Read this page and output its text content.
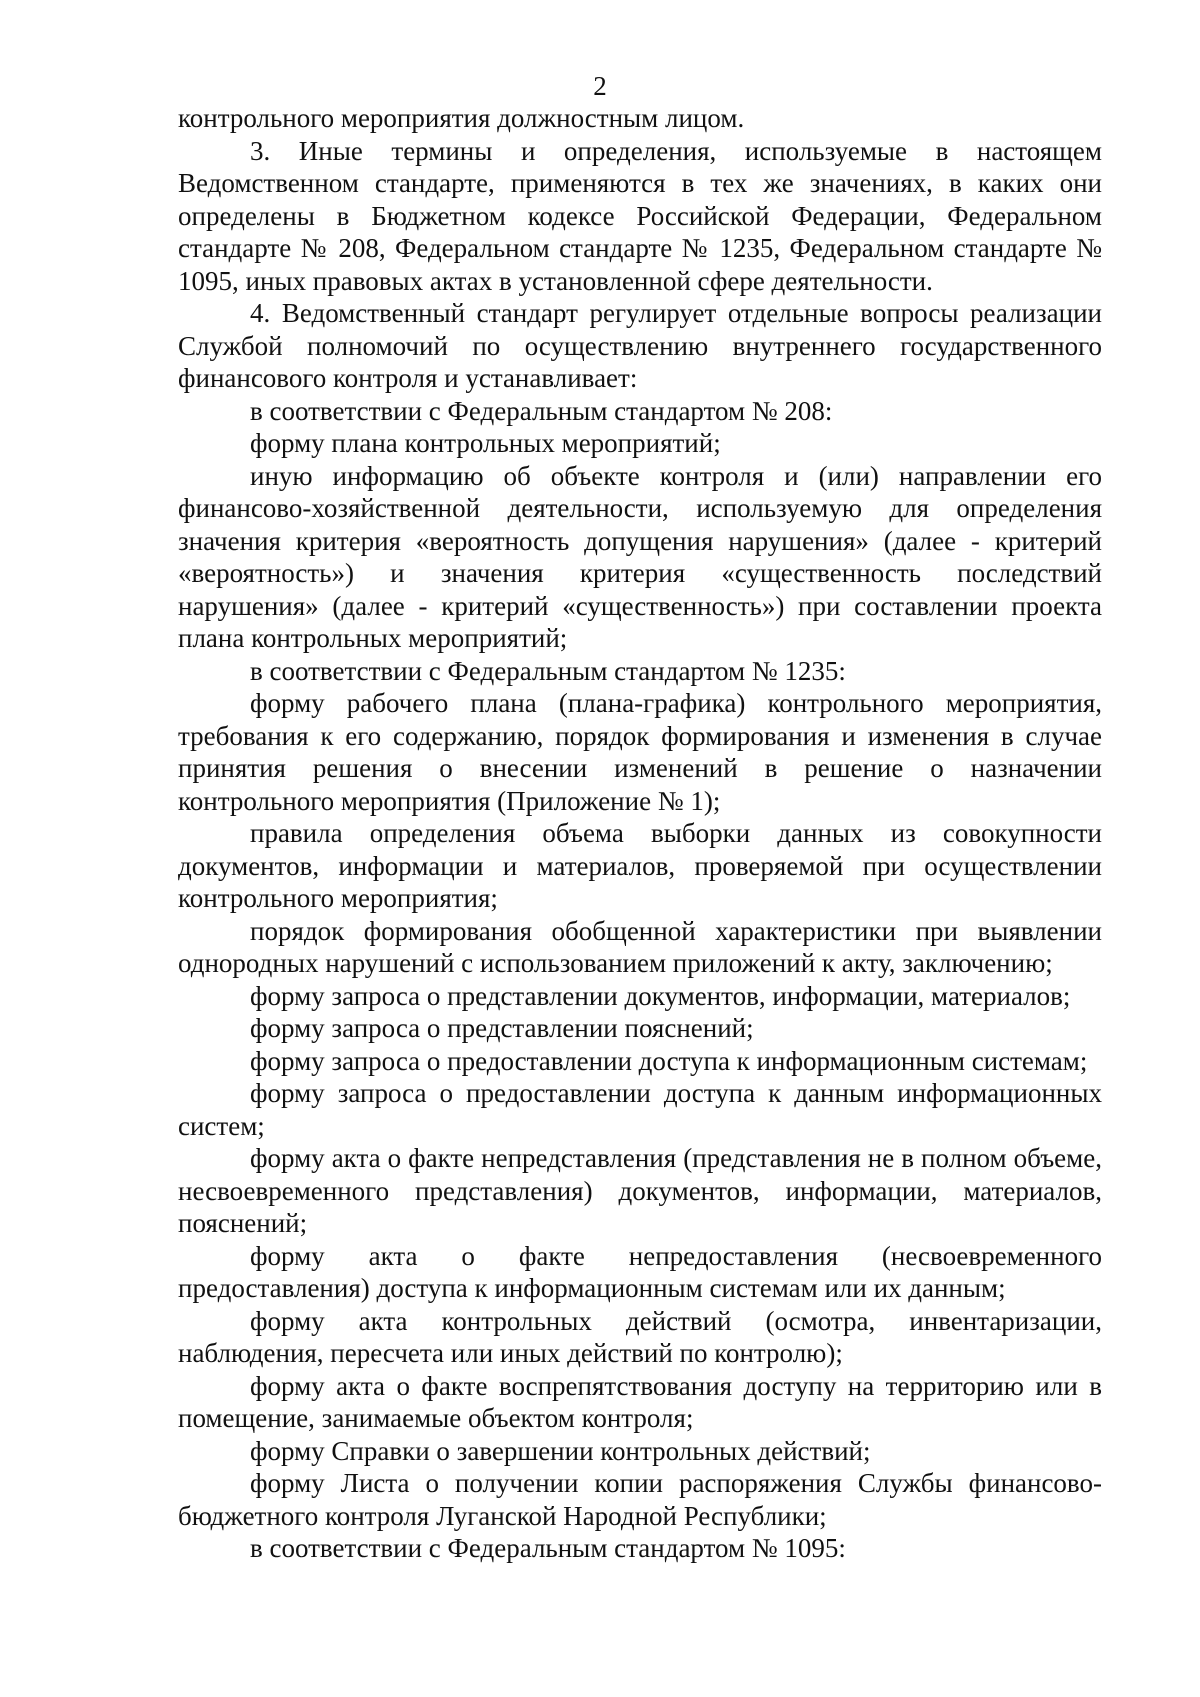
2

контрольного мероприятия должностным лицом.

3. Иные термины и определения, используемые в настоящем Ведомственном стандарте, применяются в тех же значениях, в каких они определены в Бюджетном кодексе Российской Федерации, Федеральном стандарте № 208, Федеральном стандарте № 1235, Федеральном стандарте № 1095, иных правовых актах в установленной сфере деятельности.

4. Ведомственный стандарт регулирует отдельные вопросы реализации Службой полномочий по осуществлению внутреннего государственного финансового контроля и устанавливает:

в соответствии с Федеральным стандартом № 208:

форму плана контрольных мероприятий;

иную информацию об объекте контроля и (или) направлении его финансово-хозяйственной деятельности, используемую для определения значения критерия «вероятность допущения нарушения» (далее - критерий «вероятность») и значения критерия «существенность последствий нарушения» (далее - критерий «существенность») при составлении проекта плана контрольных мероприятий;

в соответствии с Федеральным стандартом № 1235:

форму рабочего плана (плана-графика) контрольного мероприятия, требования к его содержанию, порядок формирования и изменения в случае принятия решения о внесении изменений в решение о назначении контрольного мероприятия (Приложение № 1);

правила определения объема выборки данных из совокупности документов, информации и материалов, проверяемой при осуществлении контрольного мероприятия;

порядок формирования обобщенной характеристики при выявлении однородных нарушений с использованием приложений к акту, заключению;

форму запроса о представлении документов, информации, материалов;

форму запроса о представлении пояснений;

форму запроса о предоставлении доступа к информационным системам;

форму запроса о предоставлении доступа к данным информационных систем;

форму акта о факте непредставления (представления не в полном объеме, несвоевременного представления) документов, информации, материалов, пояснений;

форму акта о факте непредоставления (несвоевременного предоставления) доступа к информационным системам или их данным;

форму акта контрольных действий (осмотра, инвентаризации, наблюдения, пересчета или иных действий по контролю);

форму акта о факте воспрепятствования доступу на территорию или в помещение, занимаемые объектом контроля;

форму Справки о завершении контрольных действий;

форму Листа о получении копии распоряжения Службы финансово-бюджетного контроля Луганской Народной Республики;

в соответствии с Федеральным стандартом № 1095:
